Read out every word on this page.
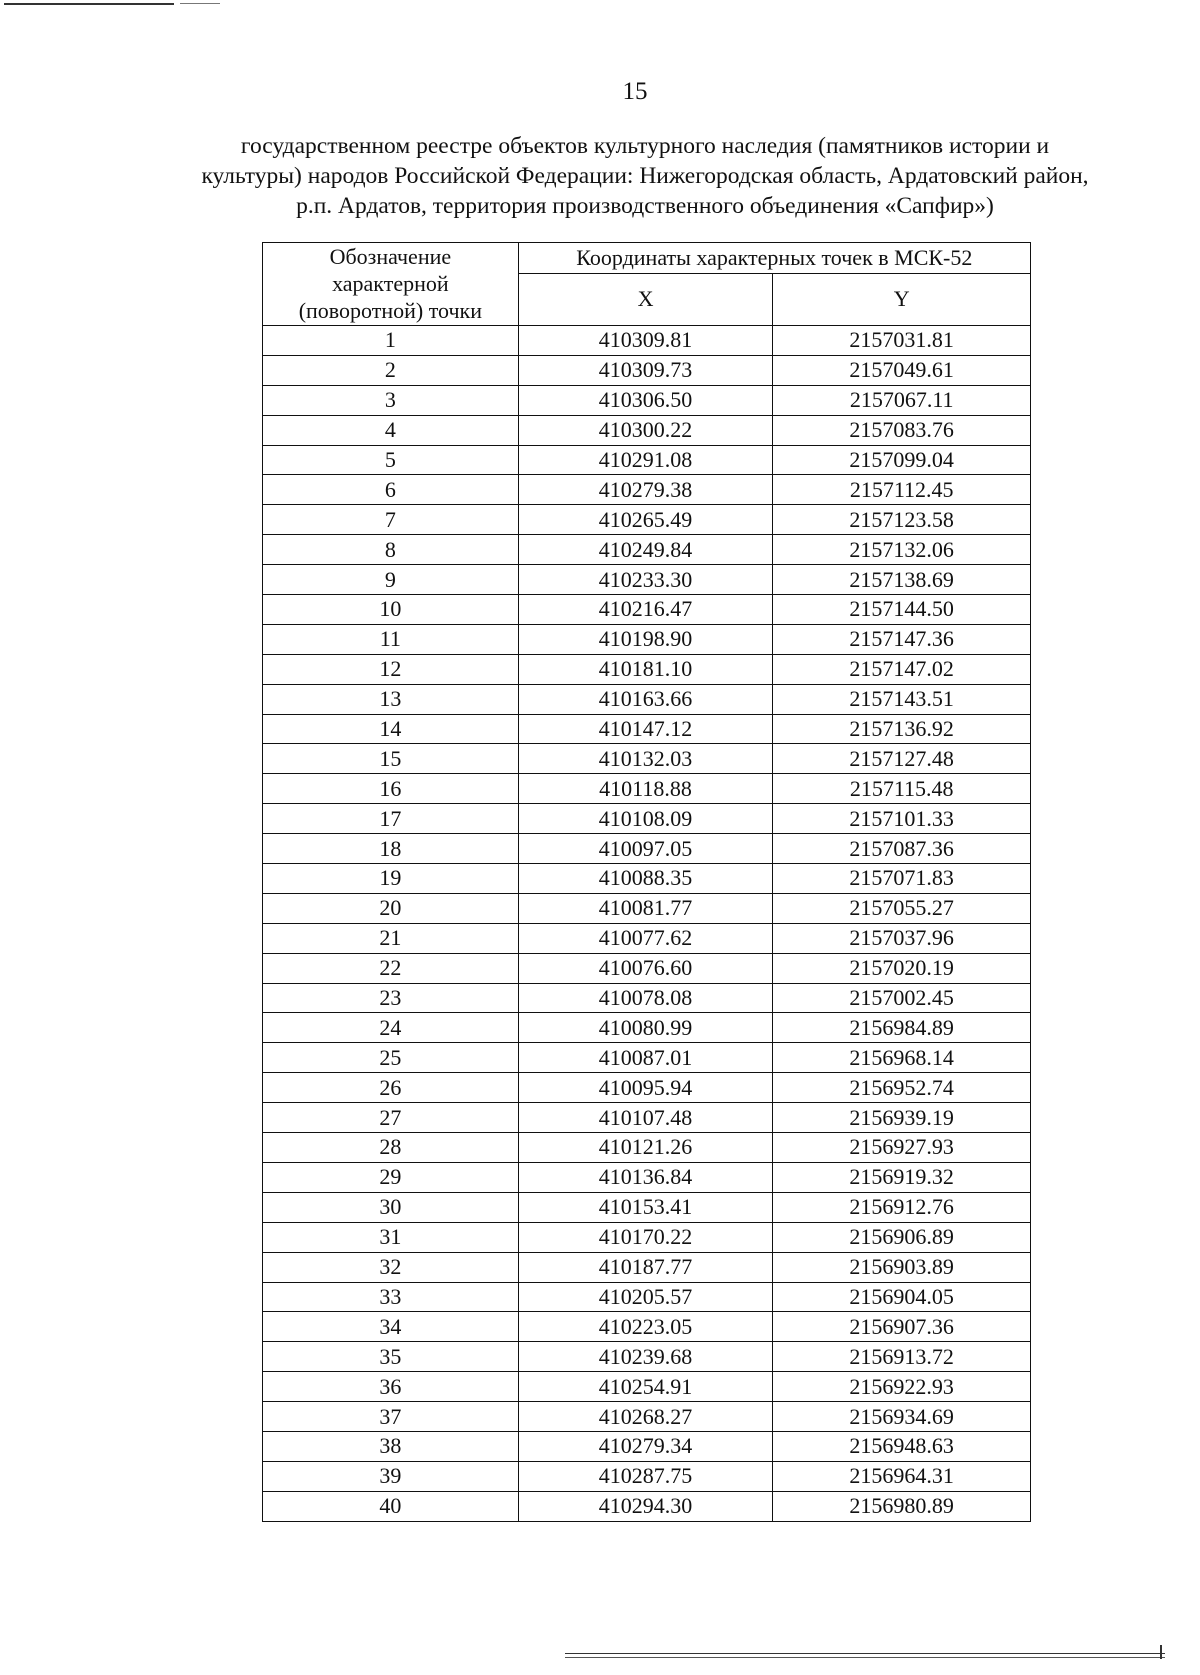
15
государственном реестре объектов культурного наследия (памятников истории и
культуры) народов Российской Федерации: Нижегородская область, Ардатовский район,
р.п. Ардатов, территория производственного объединения «Сапфир»)
Обозначение
характерной
(поворотной) точки	Координаты характерных точек в МСК-52	
	X	Y
1	410309.81	2157031.81
2	410309.73	2157049.61
3	410306.50	2157067.11
4	410300.22	2157083.76
5	410291.08	2157099.04
6	410279.38	2157112.45
7	410265.49	2157123.58
8	410249.84	2157132.06
9	410233.30	2157138.69
10	410216.47	2157144.50
11	410198.90	2157147.36
12	410181.10	2157147.02
13	410163.66	2157143.51
14	410147.12	2157136.92
15	410132.03	2157127.48
16	410118.88	2157115.48
17	410108.09	2157101.33
18	410097.05	2157087.36
19	410088.35	2157071.83
20	410081.77	2157055.27
21	410077.62	2157037.96
22	410076.60	2157020.19
23	410078.08	2157002.45
24	410080.99	2156984.89
25	410087.01	2156968.14
26	410095.94	2156952.74
27	410107.48	2156939.19
28	410121.26	2156927.93
29	410136.84	2156919.32
30	410153.41	2156912.76
31	410170.22	2156906.89
32	410187.77	2156903.89
33	410205.57	2156904.05
34	410223.05	2156907.36
35	410239.68	2156913.72
36	410254.91	2156922.93
37	410268.27	2156934.69
38	410279.34	2156948.63
39	410287.75	2156964.31
40	410294.30	2156980.89
